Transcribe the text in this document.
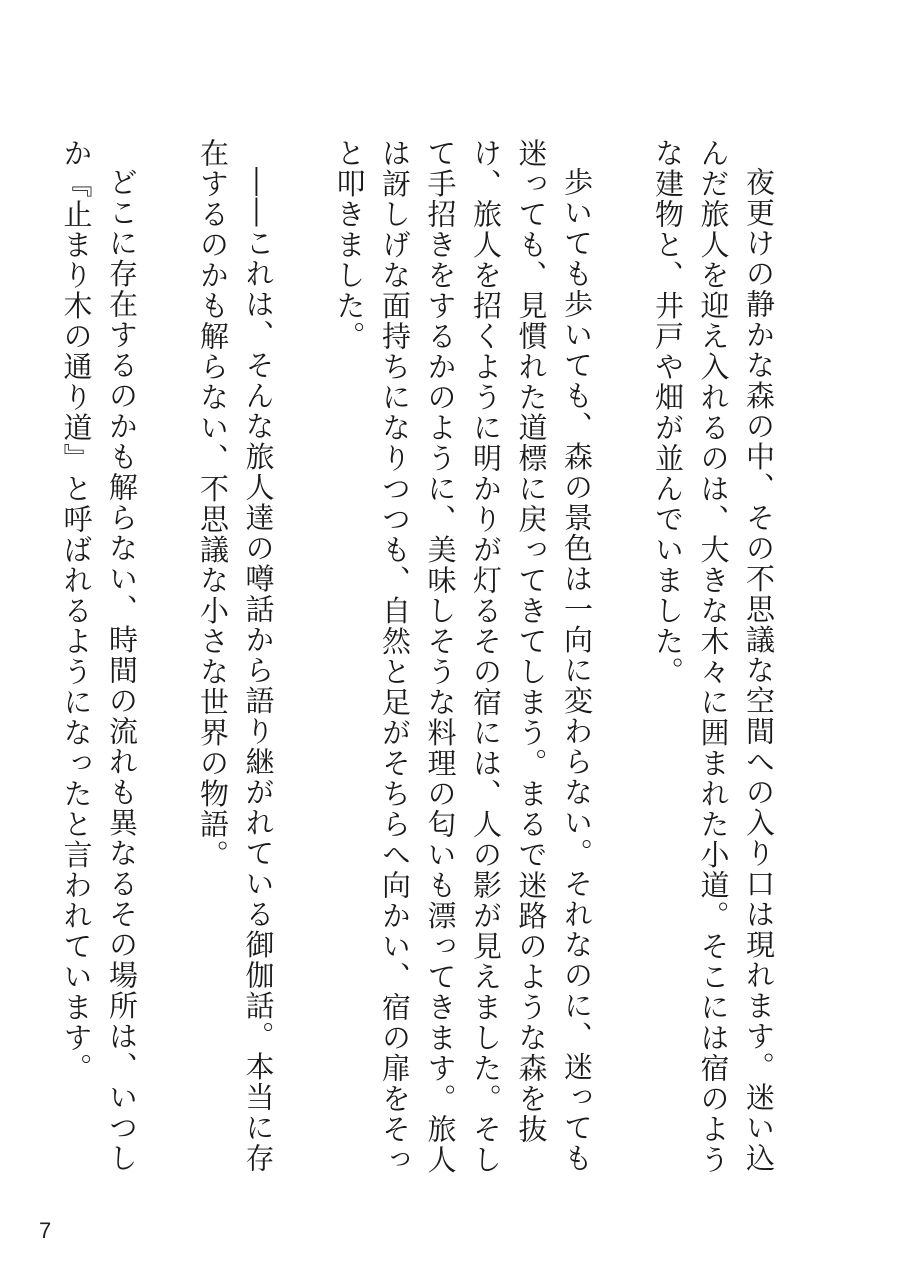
夜更けの静かな森の中、その不思議な空間への入り口は現れます。迷い込んだ旅人を迎え入れるのは、大きな木々に囲まれた小道。そこには宿のような建物と、井戸や畑が並んでいました。

歩いても歩いても、森の景色は一向に変わらない。それなのに、迷っても迷っても、見慣れた道標に戻ってきてしまう。まるで迷路のような森を抜け、旅人を招くように明かりが灯るその宿には、人の影が見えました。そして手招きをするかのように、美味しそうな料理の匂いも漂ってきます。旅人は訝しげな面持ちになりつつも、自然と足がそちらへ向かい、宿の扉をそっと叩きました。

――これは、そんな旅人達の噂話から語り継がれている御伽話。本当に存在するのかも解らない、不思議な小さな世界の物語。

どこに存在するのかも解らない、時間の流れも異なるその場所は、いつしか『止まり木の通り道』と呼ばれるようになったと言われています。

7
